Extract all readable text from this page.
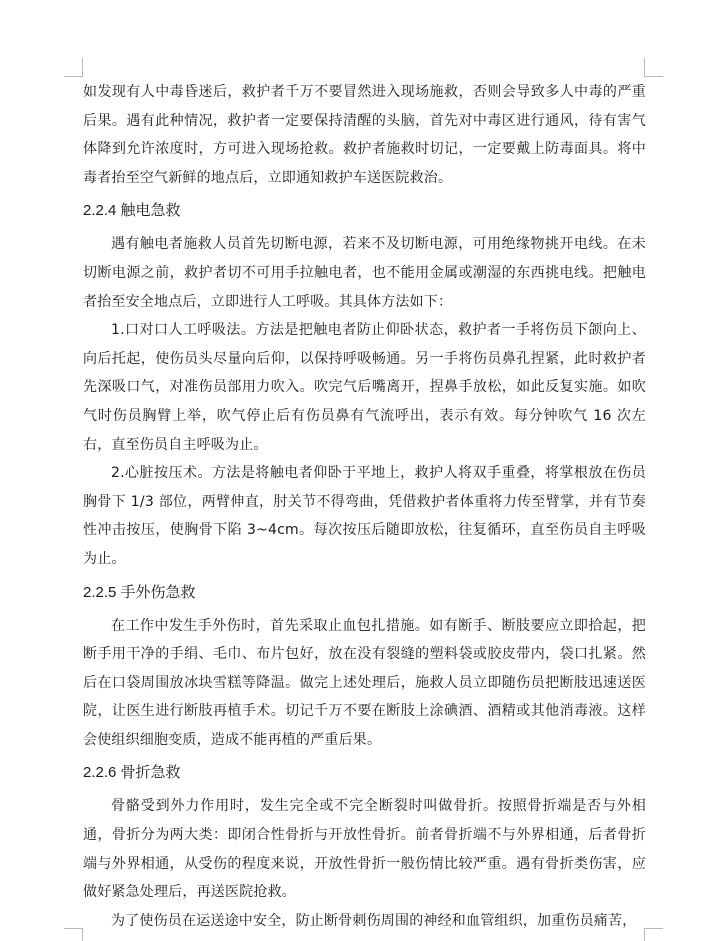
如发现有人中毒昏迷后，救护者千万不要冒然进入现场施救，否则会导致多人中毒的严重后果。遇有此种情况，救护者一定要保持清醒的头脑，首先对中毒区进行通风，待有害气体降到允许浓度时，方可进入现场抢救。救护者施救时切记，一定要戴上防毒面具。将中毒者抬至空气新鲜的地点后，立即通知救护车送医院救治。

2.2.4 触电急救

遇有触电者施救人员首先切断电源，若来不及切断电源，可用绝缘物挑开电线。在未切断电源之前，救护者切不可用手拉触电者，也不能用金属或潮湿的东西挑电线。把触电者抬至安全地点后，立即进行人工呼吸。其具体方法如下：

1.口对口人工呼吸法。方法是把触电者防止仰卧状态，救护者一手将伤员下颌向上、向后托起，使伤员头尽量向后仰，以保持呼吸畅通。另一手将伤员鼻孔捏紧，此时救护者先深吸口气，对准伤员部用力吹入。吹完气后嘴离开，捏鼻手放松，如此反复实施。如吹气时伤员胸臂上举，吹气停止后有伤员鼻有气流呼出，表示有效。每分钟吹气 16 次左右，直至伤员自主呼吸为止。

2.心脏按压术。方法是将触电者仰卧于平地上，救护人将双手重叠，将掌根放在伤员胸骨下 1/3 部位，两臂伸直，肘关节不得弯曲，凭借救护者体重将力传至臂掌，并有节奏性冲击按压，使胸骨下陷 3~4cm。每次按压后随即放松，往复循环，直至伤员自主呼吸为止。

2.2.5 手外伤急救

在工作中发生手外伤时，首先采取止血包扎措施。如有断手、断肢要应立即拾起，把断手用干净的手绢、毛巾、布片包好，放在没有裂缝的塑料袋或胶皮带内，袋口扎紧。然后在口袋周围放冰块雪糕等降温。做完上述处理后，施救人员立即随伤员把断肢迅速送医院，让医生进行断肢再植手术。切记千万不要在断肢上涂碘酒、酒精或其他消毒液。这样会使组织细胞变质，造成不能再植的严重后果。

2.2.6 骨折急救

骨骼受到外力作用时，发生完全或不完全断裂时叫做骨折。按照骨折端是否与外相通，骨折分为两大类：即闭合性骨折与开放性骨折。前者骨折端不与外界相通，后者骨折端与外界相通，从受伤的程度来说，开放性骨折一般伤情比较严重。遇有骨折类伤害，应做好紧急处理后，再送医院抢救。

为了使伤员在运送途中安全，防止断骨刺伤周围的神经和血管组织，加重伤员痛苦，
